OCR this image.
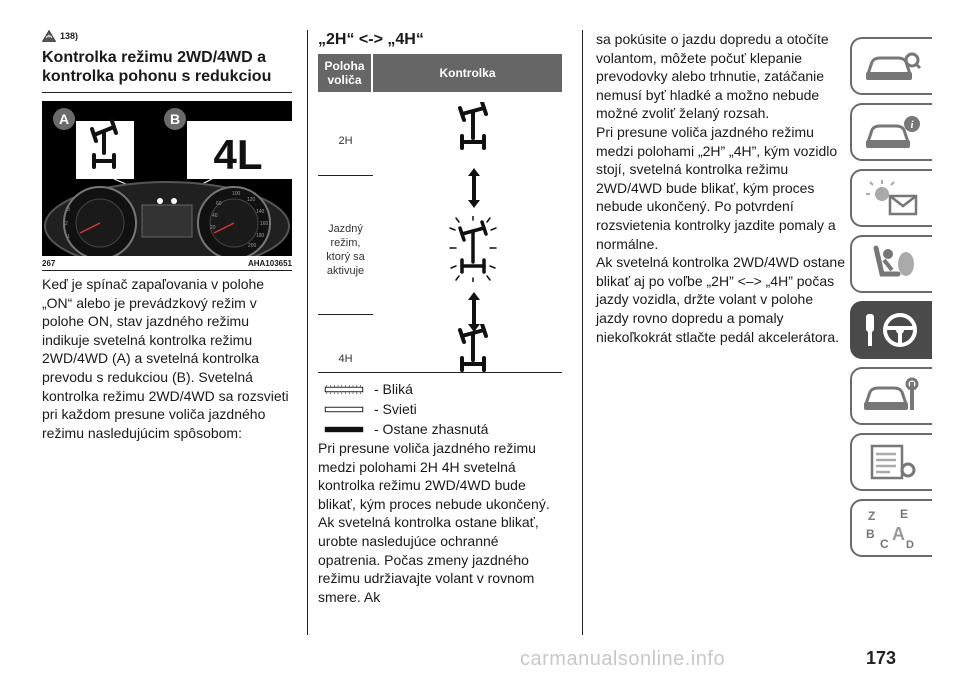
138)
Kontrolka režimu 2WD/4WD a kontrolka pohonu s redukciou
A	B
4L
100
120
140
160
180
200
60
40
20
3
2
1
267	AHA103651

Keď je spínač zapaľovania v polohe „ON“ alebo je prevádzkový režim v polohe ON, stav jazdného režimu indikuje svetelná kontrolka režimu 2WD/4WD (A) a svetelná kontrolka prevodu s redukciou (B). Svetelná kontrolka režimu 2WD/4WD sa rozsvieti pri každom presune voliča jazdného režimu nasledujúcim spôsobom:

„2H“ <-> „4H“
Poloha voliča	Kontrolka
2H
Jazdný režim, ktorý sa aktivuje
4H
- Bliká
- Svieti
- Ostane zhasnutá

Pri presune voliča jazdného režimu medzi polohami 2H 4H svetelná kontrolka režimu 2WD/4WD bude blikať, kým proces nebude ukončený. Ak svetelná kontrolka ostane blikať, urobte nasledujúce ochranné opatrenia. Počas zmeny jazdného režimu udržiavajte volant v rovnom smere. Ak

sa pokúsite o jazdu dopredu a otočíte volantom, môžete počuť klepanie prevodovky alebo trhnutie, zatáčanie nemusí byť hladké a možno nebude možné zvoliť želaný rozsah.

Pri presune voliča jazdného režimu medzi polohami „2H” „4H”, kým vozidlo stojí, svetelná kontrolka režimu 2WD/4WD bude blikať, kým proces nebude ukončený. Po potvrdení rozsvietenia kontrolky jazdite pomaly a normálne.

Ak svetelná kontrolka 2WD/4WD ostane blikať aj po voľbe „2H” <–> „4H” počas jazdy vozidla, držte volant v polohe jazdy rovno dopredu a pomaly niekoľkokrát stlačte pedál akcelerátora.

i
Z E
B
C D
A
carmanualsonline.info	173
